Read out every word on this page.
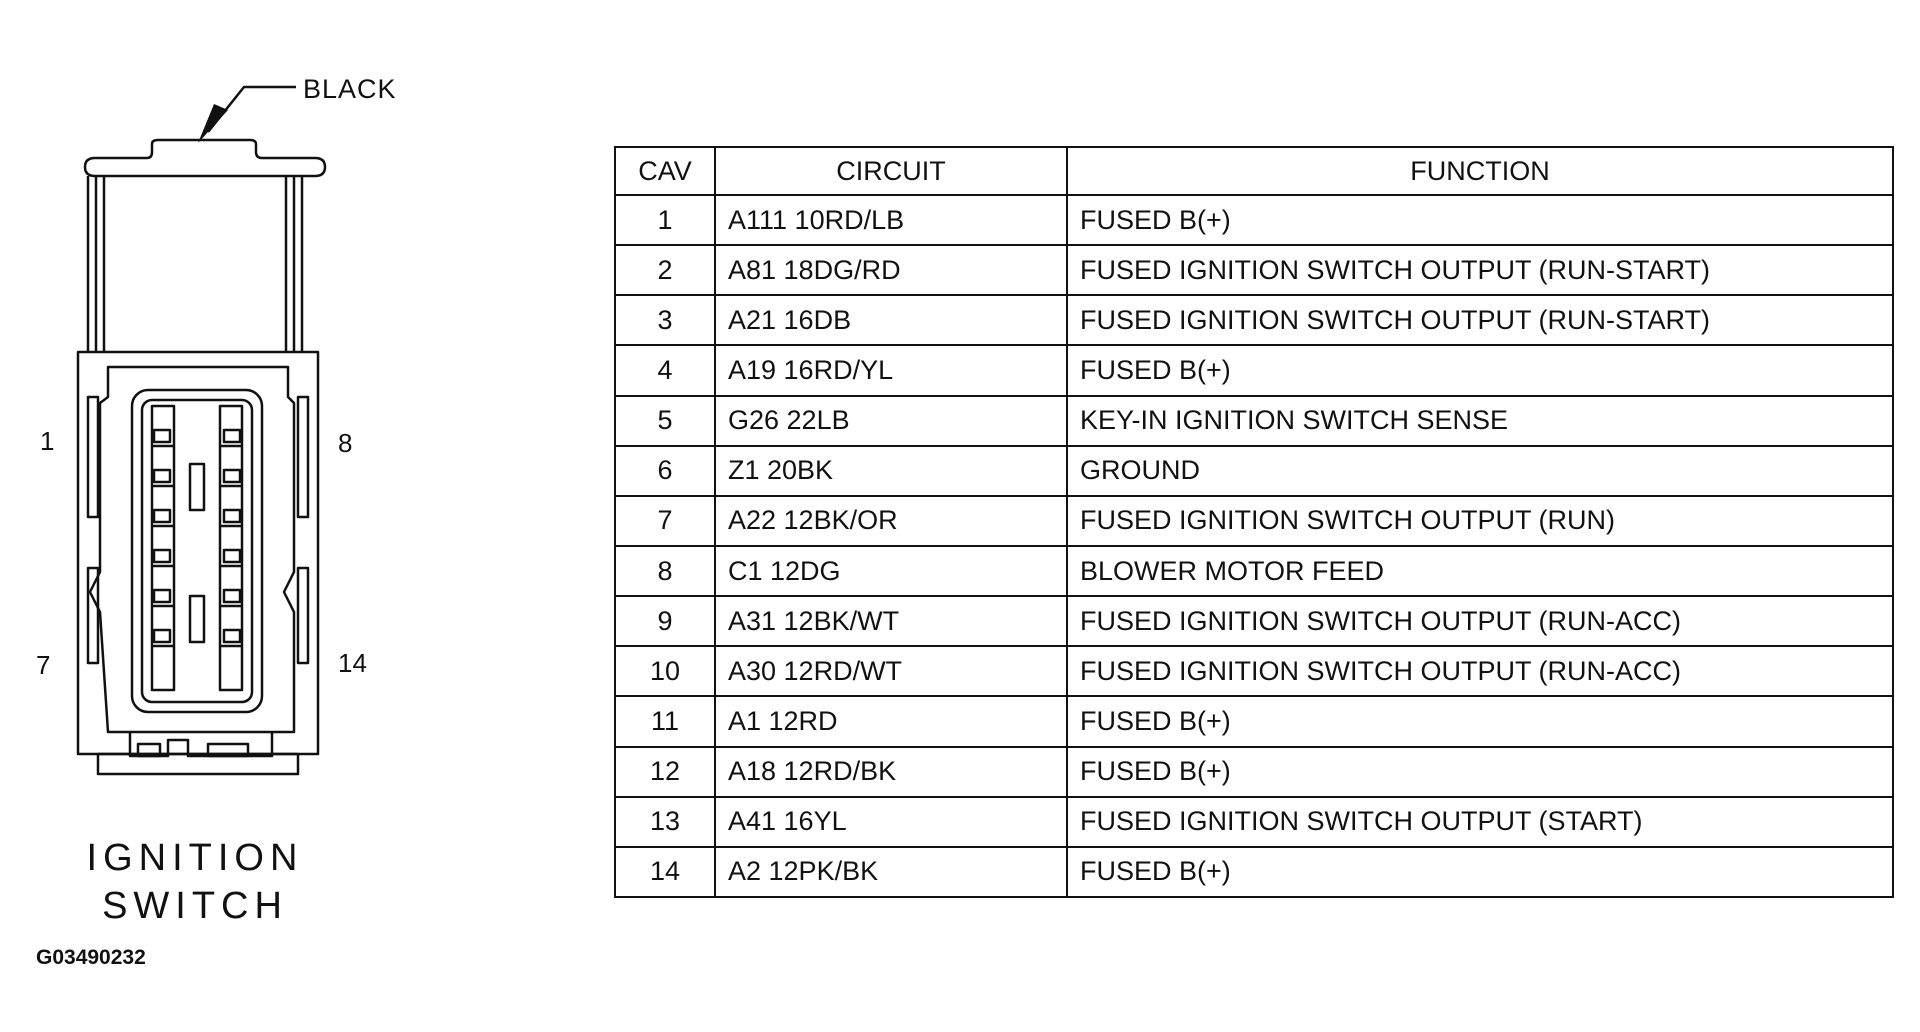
BLACK
1	8
7	14
IGNITION
SWITCH
G03490232
CAV	CIRCUIT	FUNCTION
1	A111 10RD/LB	FUSED B(+)
2	A81 18DG/RD	FUSED IGNITION SWITCH OUTPUT (RUN-START)
3	A21 16DB	FUSED IGNITION SWITCH OUTPUT (RUN-START)
4	A19 16RD/YL	FUSED B(+)
5	G26 22LB	KEY-IN IGNITION SWITCH SENSE
6	Z1 20BK	GROUND
7	A22 12BK/OR	FUSED IGNITION SWITCH OUTPUT (RUN)
8	C1 12DG	BLOWER MOTOR FEED
9	A31 12BK/WT	FUSED IGNITION SWITCH OUTPUT (RUN-ACC)
10	A30 12RD/WT	FUSED IGNITION SWITCH OUTPUT (RUN-ACC)
11	A1 12RD	FUSED B(+)
12	A18 12RD/BK	FUSED B(+)
13	A41 16YL	FUSED IGNITION SWITCH OUTPUT (START)
14	A2 12PK/BK	FUSED B(+)
